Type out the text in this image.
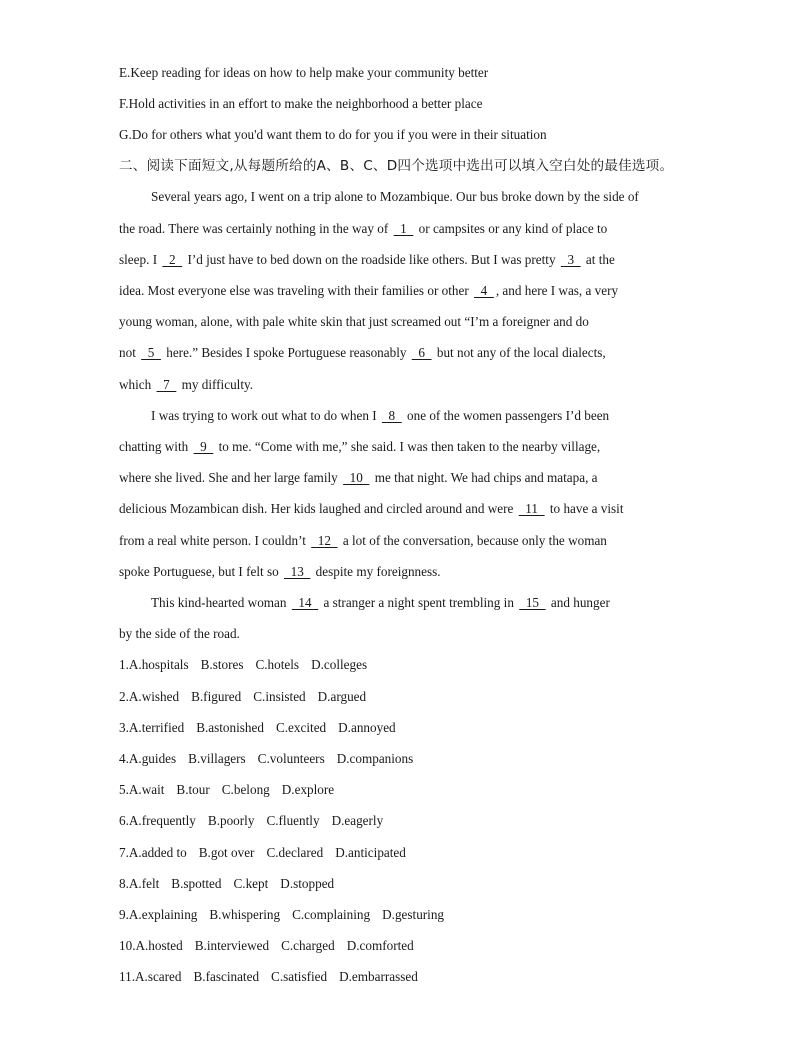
E.Keep reading for ideas on how to help make your community better
F.Hold activities in an effort to make the neighborhood a better place
G.Do for others what you'd want them to do for you if you were in their situation
二、阅读下面短文,从每题所给的A、B、C、D四个选项中选出可以填入空白处的最佳选项。
Several years ago, I went on a trip alone to Mozambique. Our bus broke down by the side of
the road. There was certainly nothing in the way of   1   or campsites or any kind of place to
sleep. I   2   I’d just have to bed down on the roadside like others. But I was pretty   3   at the
idea. Most everyone else was traveling with their families or other   4  , and here I was, a very
young woman, alone, with pale white skin that just screamed out “I’m a foreigner and do
not   5   here.” Besides I spoke Portuguese reasonably   6   but not any of the local dialects,
which   7   my difficulty.
I was trying to work out what to do when I   8   one of the women passengers I’d been
chatting with   9   to me. “Come with me,” she said. I was then taken to the nearby village,
where she lived. She and her large family   10   me that night. We had chips and matapa, a
delicious Mozambican dish. Her kids laughed and circled around and were   11   to have a visit
from a real white person. I couldn’t   12   a lot of the conversation, because only the woman
spoke Portuguese, but I felt so   13   despite my foreignness.
This kind-hearted woman   14   a stranger a night spent trembling in   15   and hunger
by the side of the road.
1.A.hospitals B.stores C.hotels D.colleges
2.A.wished B.figured C.insisted D.argued
3.A.terrified B.astonished C.excited D.annoyed
4.A.guides B.villagers C.volunteers D.companions
5.A.wait B.tour C.belong D.explore
6.A.frequently B.poorly C.fluently D.eagerly
7.A.added to B.got over C.declared D.anticipated
8.A.felt B.spotted C.kept D.stopped
9.A.explaining B.whispering C.complaining D.gesturing
10.A.hosted B.interviewed C.charged D.comforted
11.A.scared B.fascinated C.satisfied D.embarrassed
